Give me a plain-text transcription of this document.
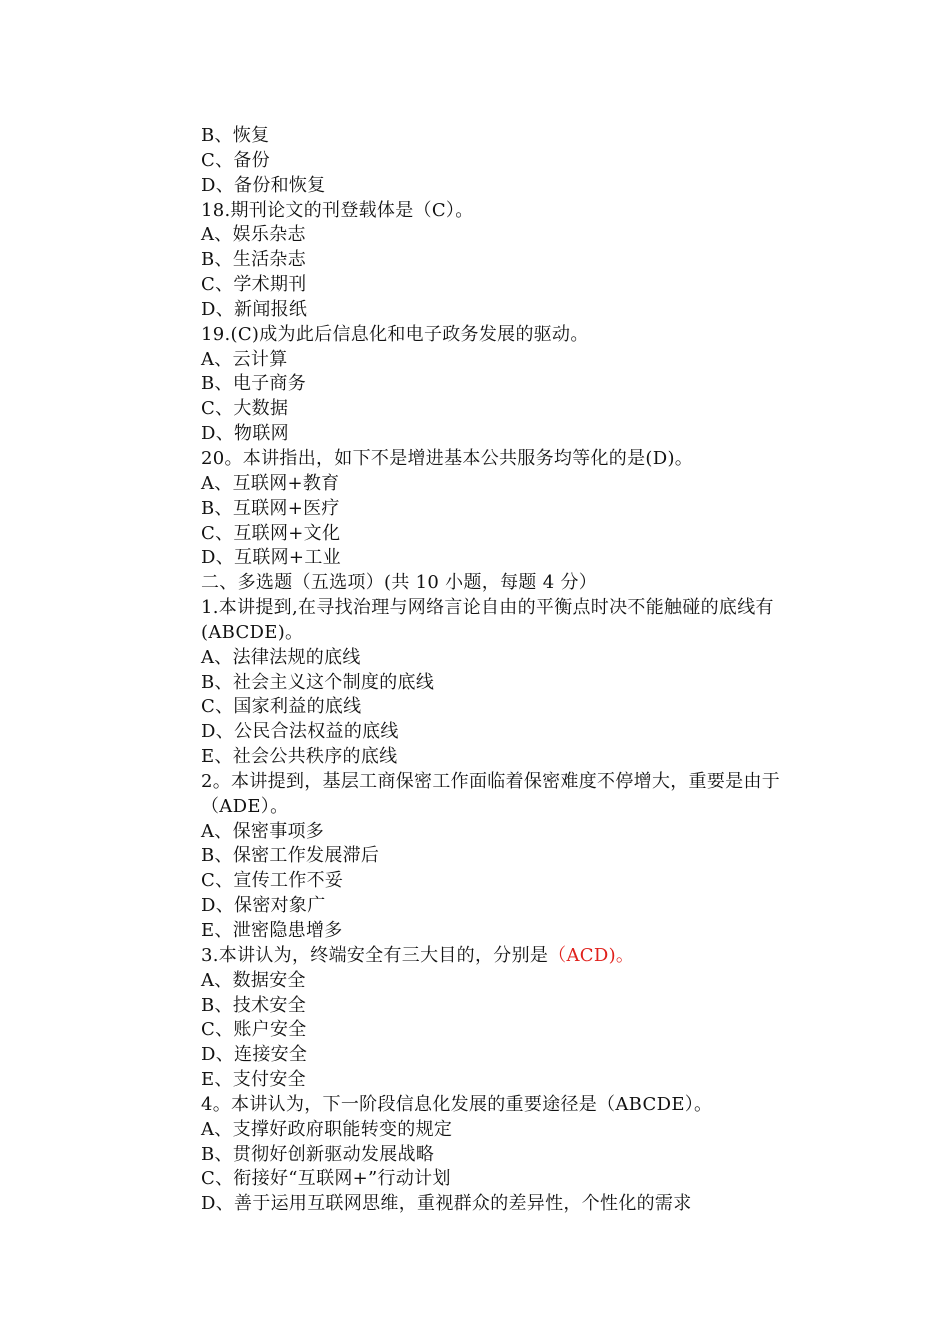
B、恢复
C、备份
D、备份和恢复
18.期刊论文的刊登载体是（C）。
A、娱乐杂志
B、生活杂志
C、学术期刊
D、新闻报纸
19.(C)成为此后信息化和电子政务发展的驱动。
A、云计算
B、电子商务
C、大数据
D、物联网
20。本讲指出，如下不是增进基本公共服务均等化的是(D)。
A、互联网+教育
B、互联网+医疗
C、互联网+文化
D、互联网+工业
二、多选题（五选项）(共 10 小题，每题 4 分）
1.本讲提到,在寻找治理与网络言论自由的平衡点时决不能触碰的底线有
(ABCDE)。
A、法律法规的底线
B、社会主义这个制度的底线
C、国家利益的底线
D、公民合法权益的底线
E、社会公共秩序的底线
2。本讲提到，基层工商保密工作面临着保密难度不停增大，重要是由于
（ADE）。
A、保密事项多
B、保密工作发展滞后
C、宣传工作不妥
D、保密对象广
E、泄密隐患增多
3.本讲认为，终端安全有三大目的，分别是（ACD)。
A、数据安全
B、技术安全
C、账户安全
D、连接安全
E、支付安全
4。本讲认为，下一阶段信息化发展的重要途径是（ABCDE）。
A、支撑好政府职能转变的规定
B、贯彻好创新驱动发展战略
C、衔接好“互联网+”行动计划
D、善于运用互联网思维，重视群众的差异性，个性化的需求
